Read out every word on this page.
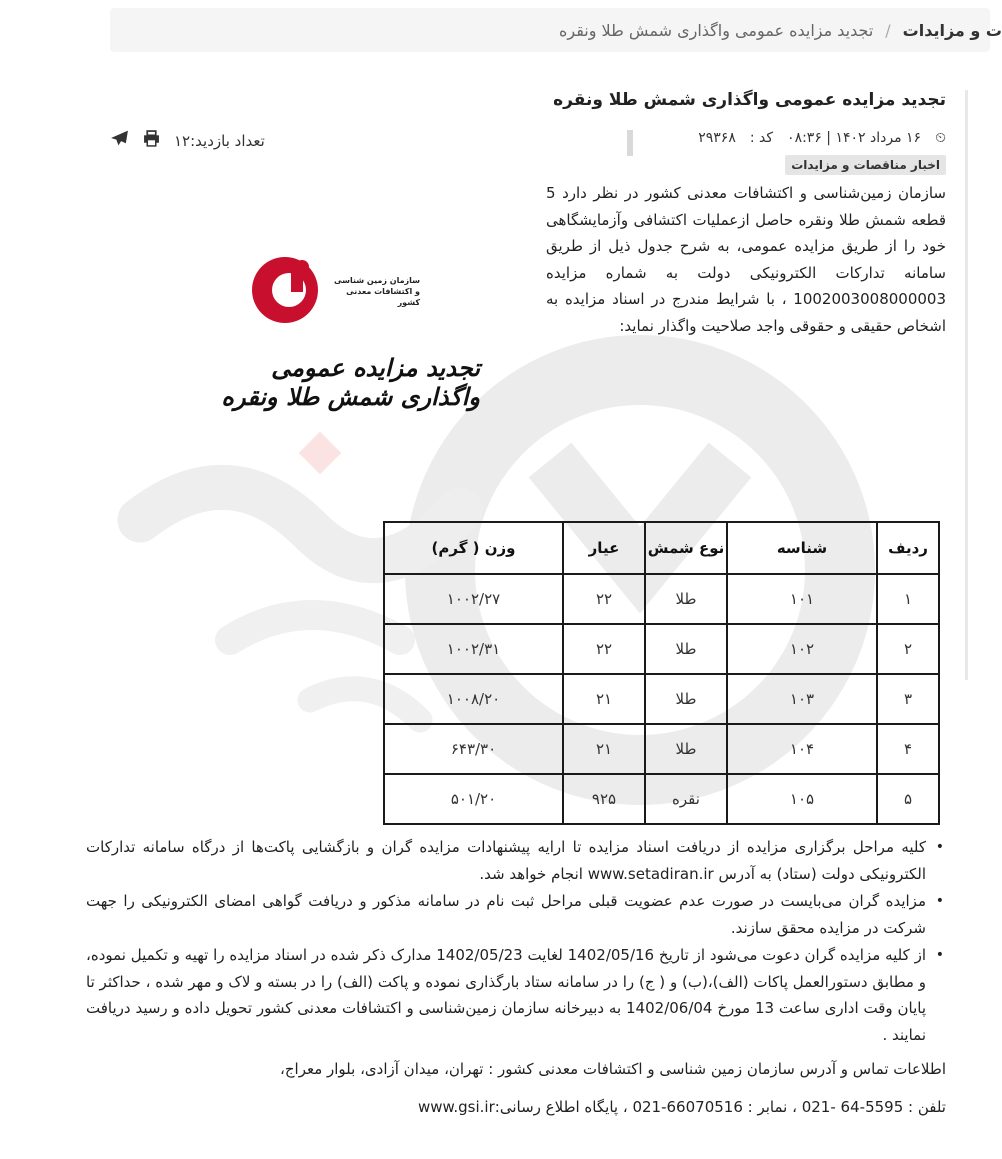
ت و مزایدات
/
تجدید مزایده عمومی واگذاری شمش طلا ونقره
تجدید مزایده عمومی واگذاری شمش طلا ونقره
⏲
۱۶ مرداد ۱۴۰۲ | ۰۸:۳۶
کد :
۲۹۳۶۸
اخبار مناقصات و مزایدات
تعداد بازدید:۱۲

سازمان زمین‌شناسی و اکتشافات معدنی کشور در نظر دارد 5 قطعه شمش طلا ونقره حاصل ازعملیات اکتشافی وآزمایشگاهی خود را از طریق مزایده عمومی، به شرح جدول ذیل از طریق سامانه تدارکات الکترونیکی دولت به شماره مزایده 1002003008000003 ، با شرایط مندرج در اسناد مزایده به اشخاص حقیقی و حقوقی واجد صلاحیت واگذار نماید:

سازمان زمین شناسی
و اکتشافات معدنی کشور
تجدید مزایده عمومی واگذاری شمش طلا ونقره
ردیف	شناسه	نوع شمش	عیار	وزن ( گرم)
۱	۱۰۱	طلا	۲۲	۱۰۰۲/۲۷
۲	۱۰۲	طلا	۲۲	۱۰۰۲/۳۱
۳	۱۰۳	طلا	۲۱	۱۰۰۸/۲۰
۴	۱۰۴	طلا	۲۱	۶۴۳/۳۰
۵	۱۰۵	نقره	۹۲۵	۵۰۱/۲۰
• کلیه مراحل برگزاری مزایده از دریافت اسناد مزایده تا ارایه پیشنهادات مزایده گران و بازگشایی پاکت‌ها از درگاه سامانه تدارکات الکترونیکی دولت (ستاد) به آدرس www.setadiran.ir انجام خواهد شد.
• مزایده گران می‌بایست در صورت عدم عضویت قبلی مراحل ثبت نام در سامانه مذکور و دریافت گواهی امضای الکترونیکی را جهت شرکت در مزایده محقق سازند.
• از کلیه مزایده گران دعوت می‌شود از تاریخ 1402/05/16 لغایت 1402/05/23 مدارک ذکر شده در اسناد مزایده را تهیه و تکمیل نموده، و مطابق دستورالعمل پاکات (الف)،(ب) و ( ج) را در سامانه ستاد بارگذاری نموده و پاکت (الف) را در بسته و لاک و مهر شده ، حداکثر تا پایان وقت اداری ساعت 13 مورخ 1402/06/04 به دبیرخانه سازمان زمین‌شناسی و اکتشافات معدنی کشور تحویل داده و رسید دریافت نمایند .

اطلاعات تماس و آدرس سازمان زمین شناسی و اکتشافات معدنی کشور : تهران، میدان آزادی، بلوار معراج،

تلفن : 5595-64 -021 ، نمابر : 66070516-021 ، پایگاه اطلاع رسانی:www.gsi.ir
